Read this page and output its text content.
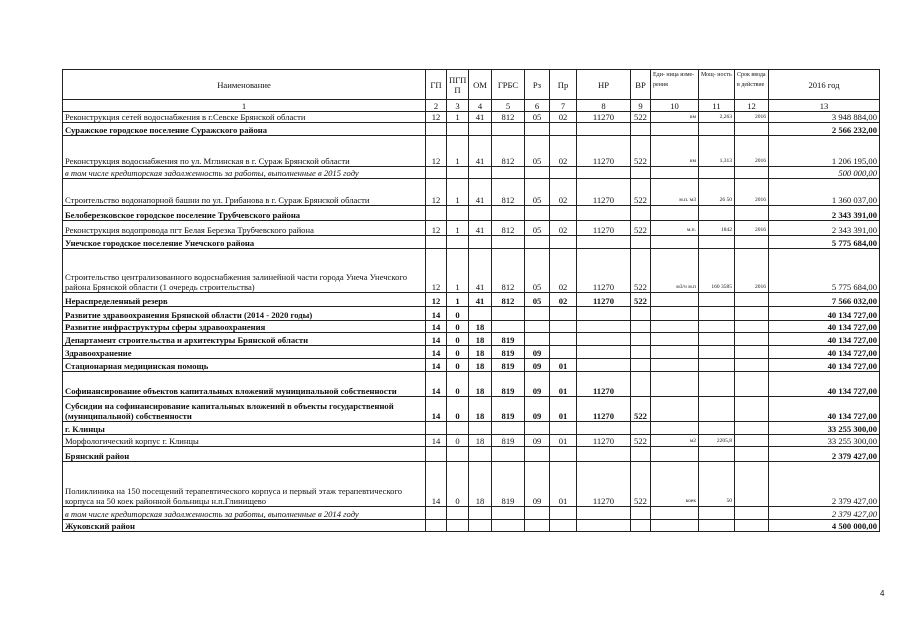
Наименование	ГП	ПГП П	ОМ	ГРБС	Рз	Пр	НР	ВР	Еди- ница изме- рения	Мощ- ность	Срок ввода в действие	2016 год
1	2	3	4	5	6	7	8	9	10	11	12	13
Реконструкция сетей водоснабжения в г.Севске Брянской области	12	1	41	812	05	02	11270	522	км	2,263	2016	3 948 884,00
Суражское городское поселение Суражского района												2 566 232,00
Реконструкция водоснабжения по ул. Мглинская в г. Сураж Брянской области	12	1	41	812	05	02	11270	522	км	1,313	2016	1 206 195,00
в том числе кредиторская задолженность за работы, выполненные в 2015 году												500 000,00
Строительство водонапорной башни по ул. Грибанова в г. Сураж Брянской области	12	1	41	812	05	02	11270	522	м.п. м3	26 50	2016	1 360 037,00
Белоберезковское городское поселение Трубчевского района												2 343 391,00
Реконструкция водопровода пгт Белая Березка Трубчевского района	12	1	41	812	05	02	11270	522	м.п.	1842	2016	2 343 391,00
Унечское городское поселение Унечского района												5 775 684,00
Строительство централизованного водоснабжения залинейной части города Унеча Унечского района Брянской области (1 очередь строительства)	12	1	41	812	05	02	11270	522	м3/ч м.п	160 3585	2016	5 775 684,00
Нераспределенный резерв	12	1	41	812	05	02	11270	522				7 566 032,00
Развитие здравоохранения Брянской области (2014 - 2020 годы)	14	0										40 134 727,00
Развитие инфраструктуры сферы здравоохранения	14	0	18									40 134 727,00
Департамент строительства и архитектуры Брянской области	14	0	18	819								40 134 727,00
Здравоохранение	14	0	18	819	09							40 134 727,00
Стационарная медицинская помощь	14	0	18	819	09	01						40 134 727,00
Софинансирование объектов капитальных вложений муниципальной собственности	14	0	18	819	09	01	11270					40 134 727,00
Субсидии на софинансирование капитальных вложений в объекты государственной (муниципальной) собственности	14	0	18	819	09	01	11270	522				40 134 727,00
г. Клинцы												33 255 300,00
Морфологический корпус г. Клинцы	14	0	18	819	09	01	11270	522	м2	2205,8		33 255 300,00
Брянский район												2 379 427,00
Поликлиника на 150 посещений терапевтического корпуса и первый этаж терапевтического корпуса на 50 коек районной больницы н.п.Глинищево	14	0	18	819	09	01	11270	522	коек	50		2 379 427,00
в том числе кредиторская задолженность за работы, выполненные в 2014 году												2 379 427,00
Жуковский район												4 500 000,00
4
